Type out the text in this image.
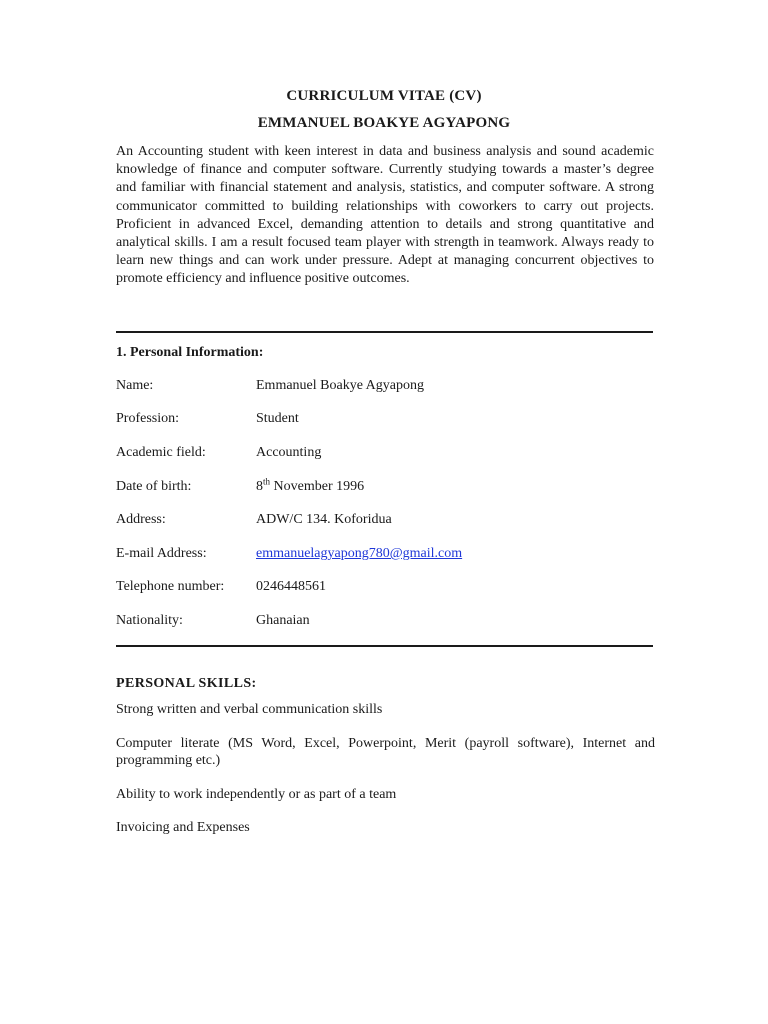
CURRICULUM VITAE (CV)
EMMANUEL BOAKYE AGYAPONG
An Accounting student with keen interest in data and business analysis and sound academic knowledge of finance and computer software. Currently studying towards a master’s degree and familiar with financial statement and analysis, statistics, and computer software. A strong communicator committed to building relationships with coworkers to carry out projects. Proficient in advanced Excel, demanding attention to details and strong quantitative and analytical skills. I am a result focused team player with strength in teamwork. Always ready to learn new things and can work under pressure. Adept at managing concurrent objectives to promote efficiency and influence positive outcomes.
1. Personal Information:
Name:	Emmanuel Boakye Agyapong
Profession:	Student
Academic field:	Accounting
Date of birth:	8th November 1996
Address:	ADW/C 134. Koforidua
E-mail Address:	emmanuelagyapong780@gmail.com
Telephone number: 0246448561
Nationality:	Ghanaian
PERSONAL SKILLS:
Strong written and verbal communication skills
Computer literate (MS Word, Excel, Powerpoint, Merit (payroll software), Internet and programming etc.)
Ability to work independently or as part of a team
Invoicing and Expenses
